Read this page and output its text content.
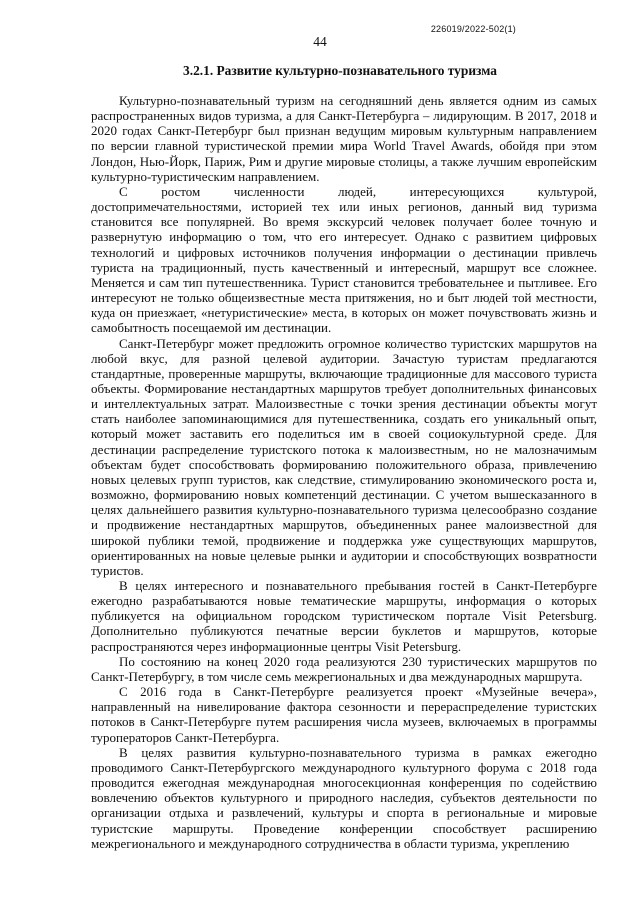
226019/2022-502(1)
44
3.2.1. Развитие культурно-познавательного туризма

Культурно-познавательный туризм на сегодняшний день является одним из самых распространенных видов туризма, а для Санкт-Петербурга – лидирующим. В 2017, 2018 и 2020 годах Санкт-Петербург был признан ведущим мировым культурным направлением по версии главной туристической премии мира World Travel Awards, обойдя при этом Лондон, Нью-Йорк, Париж, Рим и другие мировые столицы, а также лучшим европейским культурно-туристическим направлением.

С ростом численности людей, интересующихся культурой, достопримечательностями, историей тех или иных регионов, данный вид туризма становится все популярней. Во время экскурсий человек получает более точную и развернутую информацию о том, что его интересует. Однако с развитием цифровых технологий и цифровых источников получения информации о дестинации привлечь туриста на традиционный, пусть качественный и интересный, маршрут все сложнее. Меняется и сам тип путешественника. Турист становится требовательнее и пытливее. Его интересуют не только общеизвестные места притяжения, но и быт людей той местности, куда он приезжает, «нетуристические» места, в которых он может почувствовать жизнь и самобытность посещаемой им дестинации.

Санкт-Петербург может предложить огромное количество туристских маршрутов на любой вкус, для разной целевой аудитории. Зачастую туристам предлагаются стандартные, проверенные маршруты, включающие традиционные для массового туриста объекты. Формирование нестандартных маршрутов требует дополнительных финансовых и интеллектуальных затрат. Малоизвестные с точки зрения дестинации объекты могут стать наиболее запоминающимися для путешественника, создать его уникальный опыт, который может заставить его поделиться им в своей социокультурной среде. Для дестинации распределение туристского потока к малоизвестным, но не малозначимым объектам будет способствовать формированию положительного образа, привлечению новых целевых групп туристов, как следствие, стимулированию экономического роста и, возможно, формированию новых компетенций дестинации. С учетом вышесказанного в целях дальнейшего развития культурно-познавательного туризма целесообразно создание и продвижение нестандартных маршрутов, объединенных ранее малоизвестной для широкой публики темой, продвижение и поддержка уже существующих маршрутов, ориентированных на новые целевые рынки и аудитории и способствующих возвратности туристов.

В целях интересного и познавательного пребывания гостей в Санкт-Петербурге ежегодно разрабатываются новые тематические маршруты, информация о которых публикуется на официальном городском туристическом портале Visit Petersburg. Дополнительно публикуются печатные версии буклетов и маршрутов, которые распространяются через информационные центры Visit Petersburg.

По состоянию на конец 2020 года реализуются 230 туристических маршрутов по Санкт-Петербургу, в том числе семь межрегиональных и два международных маршрута.

С 2016 года в Санкт-Петербурге реализуется проект «Музейные вечера», направленный на нивелирование фактора сезонности и перераспределение туристских потоков в Санкт-Петербурге путем расширения числа музеев, включаемых в программы туроператоров Санкт-Петербурга.

В целях развития культурно-познавательного туризма в рамках ежегодно проводимого Санкт-Петербургского международного культурного форума с 2018 года проводится ежегодная международная многосекционная конференция по содействию вовлечению объектов культурного и природного наследия, субъектов деятельности по организации отдыха и развлечений, культуры и спорта в региональные и мировые туристские маршруты. Проведение конференции способствует расширению межрегионального и международного сотрудничества в области туризма, укреплению
